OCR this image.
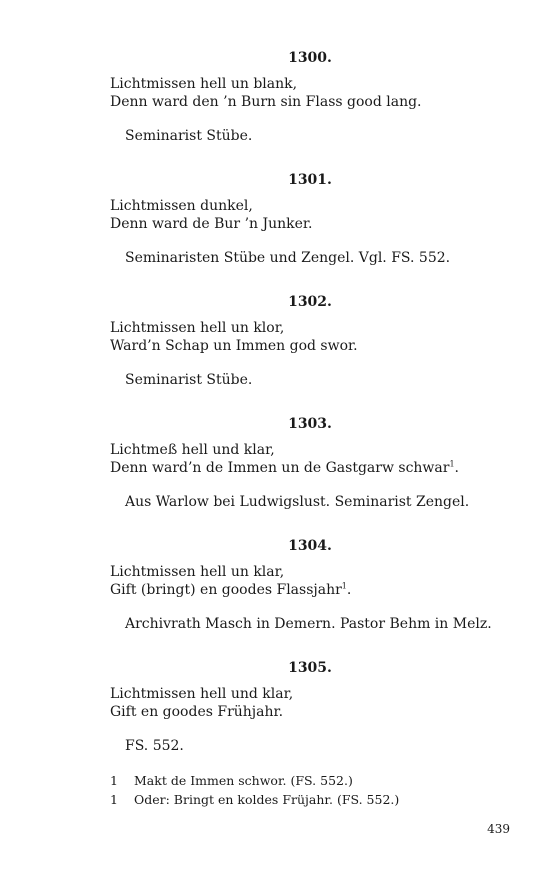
1300.
Lichtmissen hell un blank,
Denn ward den ’n Burn sin Flass good lang.
Seminarist Stübe.
1301.
Lichtmissen dunkel,
Denn ward de Bur ’n Junker.
Seminaristen Stübe und Zengel. Vgl. FS. 552.
1302.
Lichtmissen hell un klor,
Ward’n Schap un Immen god swor.
Seminarist Stübe.
1303.
Lichtmeß hell und klar,
Denn ward’n de Immen un de Gastgarw schwar$^1$.
Aus Warlow bei Ludwigslust. Seminarist Zengel.
1304.
Lichtmissen hell un klar,
Gift (bringt) en goodes Flassjahr$^1$.
Archivrath Masch in Demern. Pastor Behm in Melz.
1305.
Lichtmissen hell und klar,
Gift en goodes Frühjahr.
FS. 552.
1	Makt de Immen schwor. (FS. 552.)
1	Oder: Bringt en koldes Früjahr. (FS. 552.)
439
